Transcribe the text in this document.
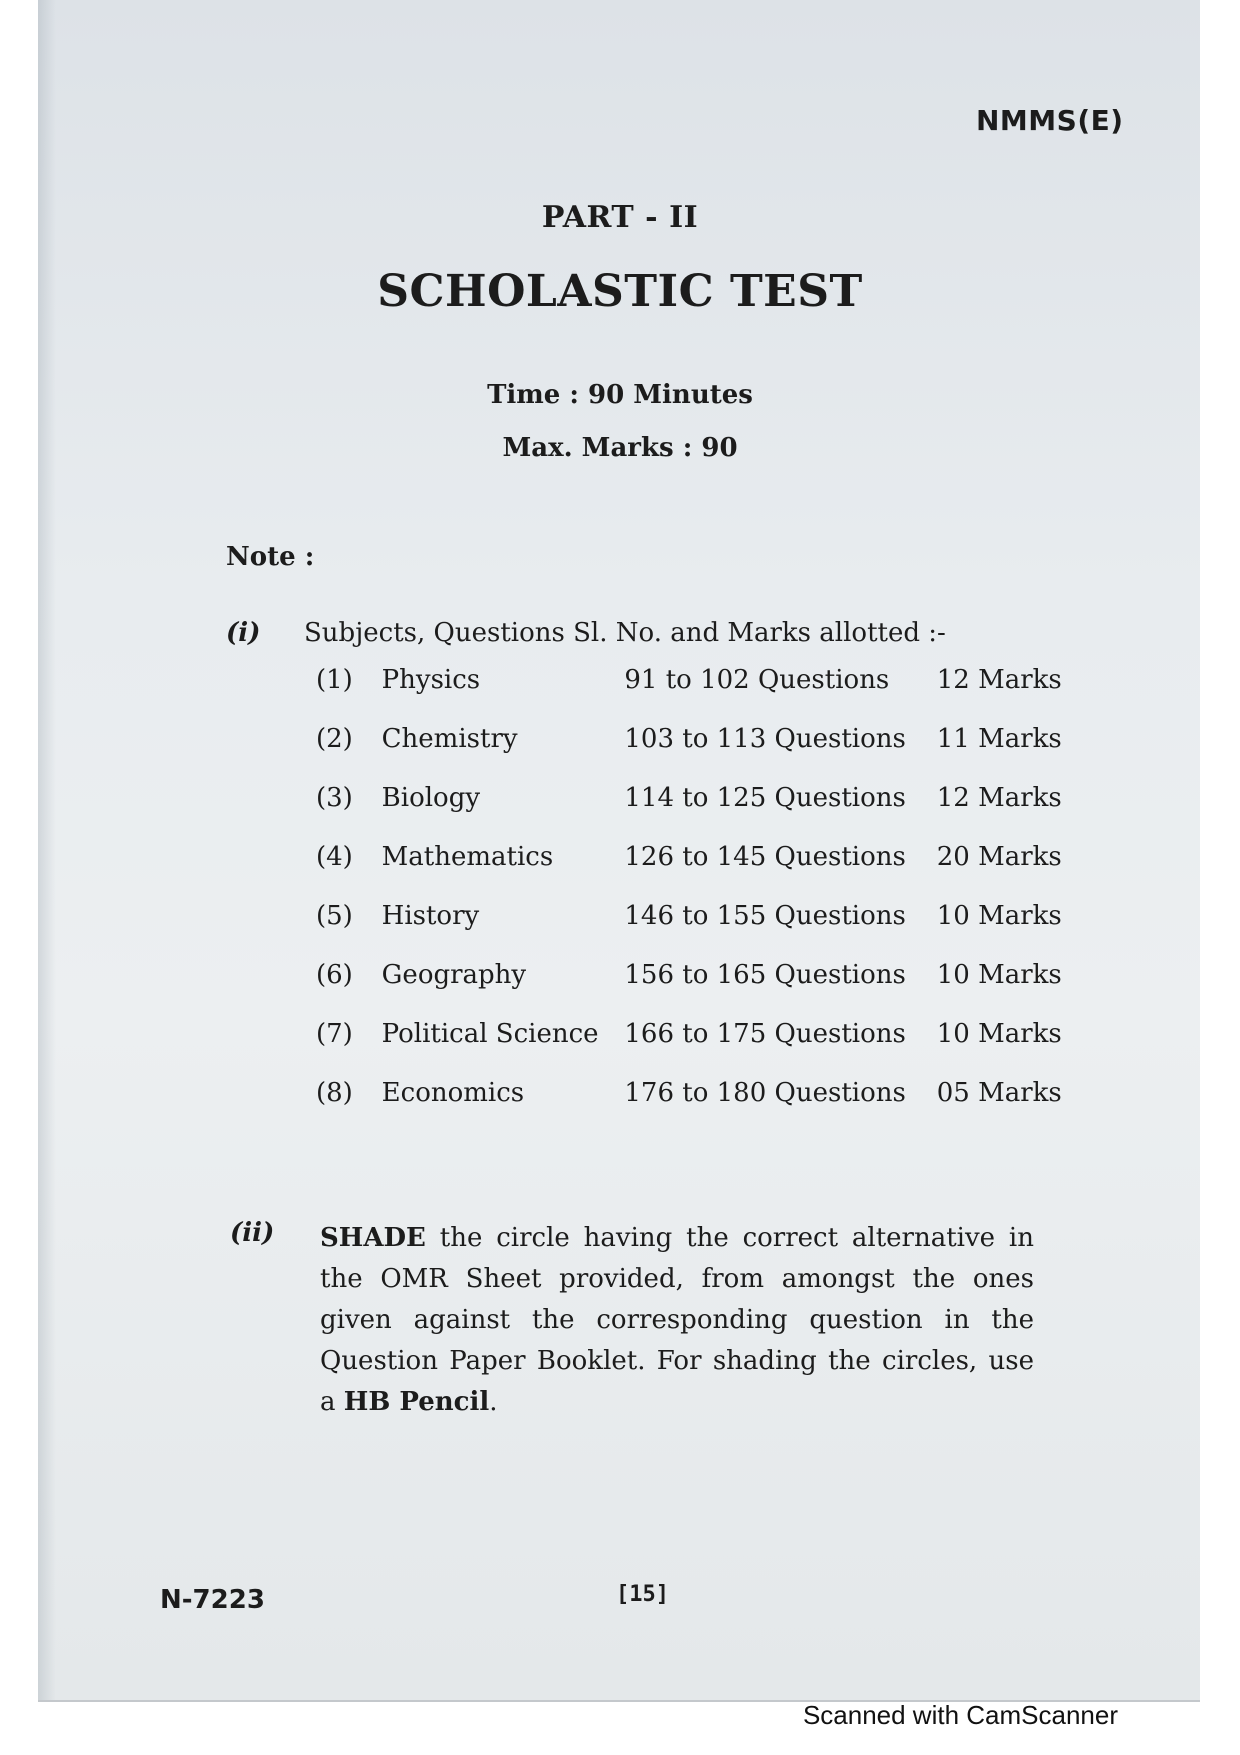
NMMS(E)
PART - II
SCHOLASTIC TEST
Time : 90 Minutes
Max. Marks : 90
Note :
(i) Subjects, Questions Sl. No. and Marks allotted :-
(1)	Physics	91 to 102 Questions	12 Marks
(2)	Chemistry	103 to 113 Questions	11 Marks
(3)	Biology	114 to 125 Questions	12 Marks
(4)	Mathematics	126 to 145 Questions	20 Marks
(5)	History	146 to 155 Questions	10 Marks
(6)	Geography	156 to 165 Questions	10 Marks
(7)	Political Science 166 to 175 Questions	10 Marks
(8)	Economics	176 to 180 Questions	05 Marks
(ii) SHADE the circle having the correct alternative in the OMR Sheet provided, from amongst the ones given against the corresponding question in the Question Paper Booklet. For shading the circles, use a HB Pencil.
N-7223	[15]
Scanned with CamScanner
